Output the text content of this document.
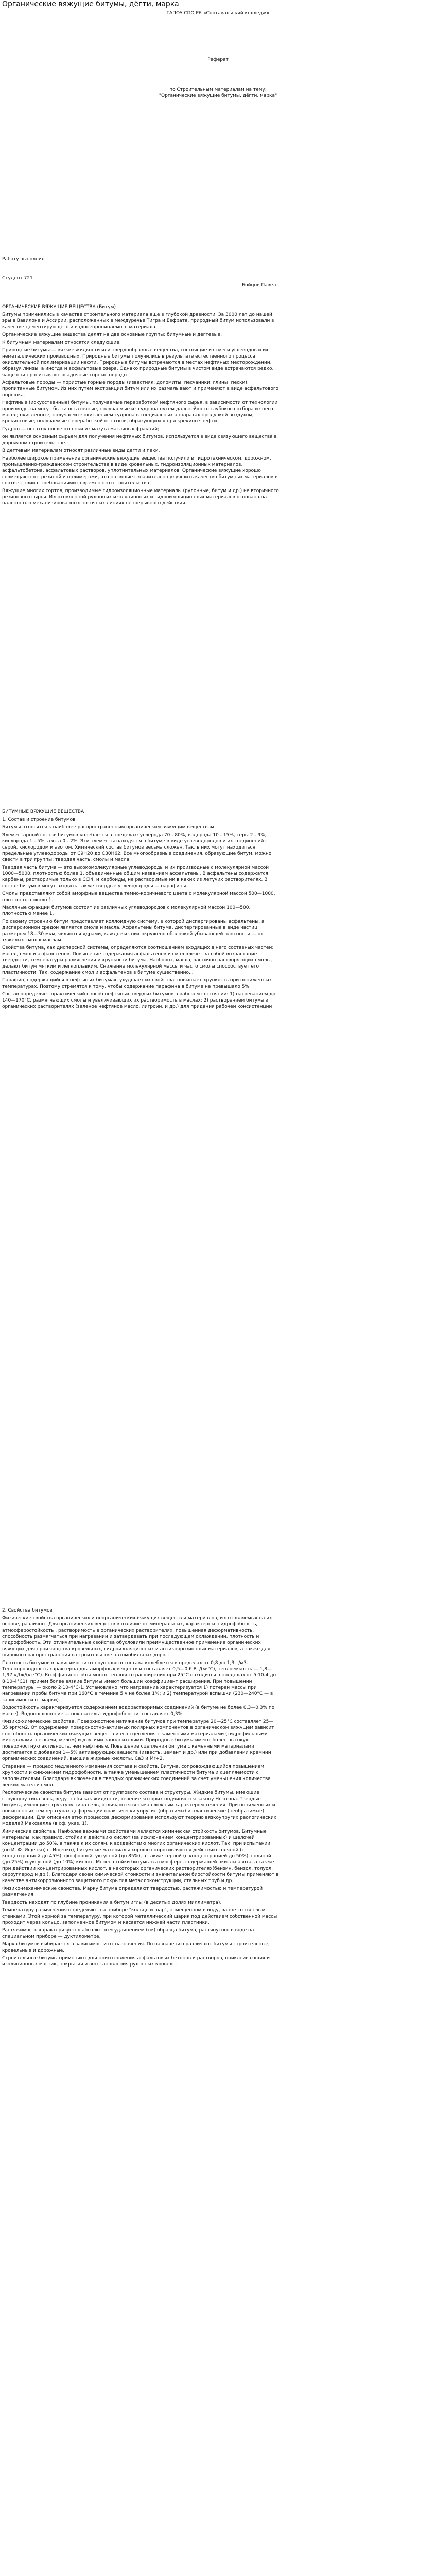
Органические вяжущие битумы, дёгти, марка
ГАПОУ СПО РК «Сортавальский колледж»
Реферат
по Строительным материалам на тему:
"Органические вяжущие битумы, дёгти, марка"
Работу выполнил
Студент 721
Бойцов Павел

ОРГАНИЧЕСКИЕ ВЯЖУЩИЕ ВЕЩЕСТВА (Битум)

Битумы применялись в качестве строительного материала еще в глубокой древности. За 3000 лет до нашей эры в Вавилоне и Ассирии, расположенных в междуречье Тигра и Евфрата, природный битум использовали в качестве цементирующего и водонепроницаемого материала.

Органические вяжущие вещества делят на две основные группы: битумные и дегтевые.

К битумным материалам относятся следующие:

Природные битумы — вязкие жидкости или твердообразные вещества, состоящие из смеси углеводов и их неметаллических производных. Природные битумы получились в результате естественного процесса окислительной полимеризации нефти. Природные битумы встречаются в местах нефтяных месторождений, образуя линзы, а иногда и асфальтовые озера. Однако природные битумы в чистом виде встречаются редко, чаще они пропитывают осадочные горные породы.

Асфальтовые породы — пористые горные породы (известняк, доломиты, песчаники, глины, пески), пропитанные битумом. Из них путем экстракции битум или их размалывают и применяют в виде асфальтового порошка.

Нефтяные (искусственные) битумы, получаемые переработкой нефтяного сырья, в зависимости от технологии производства могут быть: остаточные, получаемые из гудрона путем дальнейшего глубокого отбора из него масел; окисленные, получаемые окислением гудрона в специальных аппаратах продувкой воздухом; крекинговые, получаемые переработкой остатков, образующихся при крекинге нефти.

Гудрон — остаток после отгонки из мазута масляных фракций;

он является основным сырьем для получения нефтяных битумов, используется в виде связующего вещества в дорожном строительстве.

В дегтевым материалам относят различные виды дегти и пеки.

Наиболее широкое применение органические вяжущие вещества получили в гидротехническом, дорожном, промышленно-гражданском строительстве в виде кровельных, гидроизоляционных материалов, асфальтобетона, асфальтовых растворов, уплотнительных материалов. Органические вяжущие хорошо совмещаются с резиной и полимерами, что позволяет значительно улучшить качество битумных материалов в соответствии с требованиями современного строительства.

Вяжущие многих сортов, производимые гидроизоляционные материалы (рулонные, битум и др.) не вторичного резинового сырья. Изготовленной рулонных изоляционных и гидроизоляционных материалов основана на пальностью механизированных поточных линиях непрерывного действия.

БИТУМНЫЕ ВЯЖУЩИЕ ВЕЩЕСТВА

1. Состав и строение битумов

Битумы относятся к наиболее распространенным органическим вяжущим веществам.

Элементарный состав битумов колеблется в пределах: углерода 70 - 80%, водорода 10 - 15%, серы 2 - 9%, кислорода 1 - 5%, азота 0 - 2%. Эти элементы находятся в битуме в виде углеводородов и их соединений с серой, кислородом и азотом. Химический состав битумов весьма сложен. Так, в них могут находиться предельные углеводороды от C9H20 до C30H62. Все многообразные соединения, образующие битум, можно свести в три группы: твердая часть, смолы и масла.

Твердая часть битума — это высокомолекулярные углеводороды и их производные с молекулярной массой 1000—5000, плотностью более 1, объединенные общим названием асфальтены. В асфальтены содержатся карбены, растворимые только в CCl4, и карбоиды, не растворимые ни в каких из летучих растворителях. В состав битумов могут входить также твердые углеводороды — парафины.

Смолы представляют собой аморфные вещества темно-коричневого цвета с молекулярной массой 500—1000, плотностью около 1.

Масляные фракции битумов состоят из различных углеводородов с молекулярной массой 100—500, плотностью менее 1.

По своему строению битум представляет коллоидную систему, в которой диспергированы асфальтены, а дисперсионной средой является смола и масла. Асфальтены битума, диспергированные в виде частиц размером 18—30 мкм, являются ядрами, каждое из них окружено оболочкой убывающей плотности — от тяжелых смол к маслам.

Свойства битума, как дисперсной системы, определяются соотношением входящих в него составных частей: масел, смол и асфальтенов. Повышение содержания асфальтенов и смол влечет за собой возрастание твердости, температуры размягчения и хрупкости битума. Наоборот, масла, частично растворяющих смолы, делают битум мягким и легкоплавким. Снижение молекулярной массы и часто смолы способствует его пластичности. Так, содержание смол и асфальтенов в битуме существенно...

Парафин, содержащийся в нефтяных битумах, ухудшает их свойства, повышает хрупкость при пониженных температурах. Поэтому стремятся к тому, чтобы содержание парафина в битуме не превышало 5%.

Состав определяет практический способ нефтяных твердых битумов в рабочем состоянии: 1) нагреванием до 140—170°С, размягчающих смолы и увеличивающих их растворимость в маслах; 2) растворением битума в органических растворителях (зеленое нефтяное масло, лигроин, и др.) для придания рабочей консистенции

2. Свойства битумов

Физические свойства органических и неорганических вяжущих веществ и материалов, изготовляемых на их основе, различны. Для органических веществ в отличие от минеральных, характерны: гидрофобность, атмосферостойкость , растворимость в органических растворителях, повышенная деформативность, способность размягчаться при нагревании и затвердевать при последующем охлаждении, плотность и гидрофобность. Эти отличительные свойства обусловили преимущественное применение органических вяжущих для производства кровельных, гидроизоляционных и антикоррозионных материалов, а также для широкого распространения в строительстве автомобильных дорог.

Плотность битумов в зависимости от группового состава колеблется в пределах от 0,8 до 1,3 т/м3. Теплопроводность характерна для аморфных веществ и составляет 0,5—0,6 Вт/(м·°С), теплоемкость — 1,8—1,97 кДж/(кг·°С). Коэффициент объемного теплового расширения при 25°С находится в пределах от 5·10-4 до 8·10-4°С1), причем более вязкие битумы имеют больший коэффициент расширения. При повышении температуры — около 2·10-4°С-1. Установлено, что нагревание характеризуется 1) потерей массы при нагревании пробы битума при 160°С в течение 5 ч не более 1%; и 2) температурой вспышки (230—240°С — в зависимости от марки).

Водостойкость характеризуется содержанием водорастворимых соединений (в битуме не более 0,3—0,3% по массе). Водопоглощение — показатель гидрофобности, составляет 0,3%.

Физико-химические свойства. Поверхностное натяжение битумов при температуре 20—25°С составляет 25—35 эрг/см2. От содержания поверхностно-активных полярных компонентов в органическом вяжущем зависит способность органических вяжущих веществ и его сцепления с каменными материалами (гидрофильными минералами, песками, мелом) и другими заполнителями. Природные битумы имеют более высокую поверхностную активность, чем нефтяные. Повышение сцепления битума с каменными материалами достигается с добавкой 1—5% активирующих веществ (известь, цемент и др.) или при добавлении кремний органических соединений, высшие жирные кислоты, Ca3 и Mr+2.

Старение — процесс медленного изменения состава и свойств. Битума, сопровождающийся повышением хрупкости и снижением гидрофобности, а также уменьшением пластичности битума и сцепляемости с заполнителями. Благодаря включения в твердых органических соединений за счет уменьшения количества легких масел и смол.

Реологические свойства битума зависят от группового состава и структуры. Жидкие битумы, имеющие структуру типа золь, ведут себя как жидкости, течение которых подчиняется закону Ньютона. Твердые битумы, имеющие структуру типа гель, отличаются весьма сложным характером течения. При пониженных и повышенных температурах деформации практически упругие (обратимы) и пластические (необратимые) деформации. Для описания этих процессов деформирования используют теорию вязкоупругих реологических моделей Максвелла (в сф. указ. 1).

Химические свойства. Наиболее важными свойствами являются химическая стойкость битумов. Битумные материалы, как правило, стойки к действию кислот (за исключением концентрированных) и щелочей концентрации до 50%, а также к их солям, к воздействию многих органических кислот. Так, при испытании (по И. Ф. Ищенко) с. Ищенко), битумные материалы хорошо сопротивляются действию соляной (с концентрацией до 45%), фосфорной, уксусной (до 85%), а также серной (с концентрацией до 50%), соляной (до 25%) и уксусной (до 10%) кислот. Менее стойки битумы в атмосфере, содержащей окислы азота, а также при действии концентрированных кислот, в некоторых органических растворителях(бензин, бензол, толуол, сероуглерод и др.). Благодаря своей химической стойкости и значительной биостойкости битумы применяют в качестве антикоррозионного защитного покрытия металлоконструкций, стальных труб и др.

Физико-механические свойства. Марку битума определяют твердостью, растяжимостью и температурой размягчения.

Твердость находят по глубине проникания в битум иглы (в десятых долях миллиметра).

Температуру размягчения определяют на приборе "кольцо и шар", помещенном в воду, ванне со светлым стенками. Этой нормой за температуру, при которой металлический шарик под действием собственной массы проходит через кольцо, заполненное битумом и касается нижней части пластинки.

Растяжимость характеризуется абсолютным удлинением (см) образца битума, растянутого в воде на специальном приборе — дуктилометре.

Марка битумов выбирается в зависимости от назначения. По назначению различают битумы строительные, кровельные и дорожные.

Строительные битумы применяют для приготовления асфальтовых бетонов и растворов, приклеивающих и изоляционных мастик, покрытия и восстановления рулонных кровель.
